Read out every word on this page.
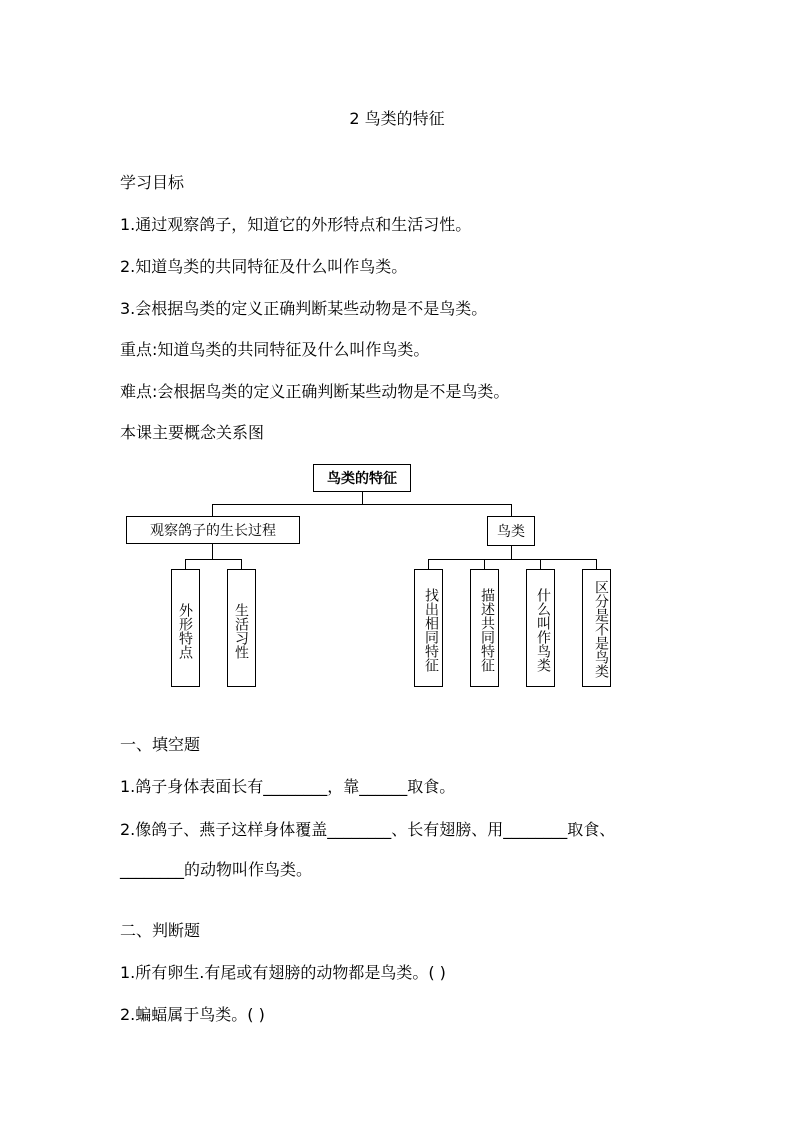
2 鸟类的特征
学习目标
1.通过观察鸽子，知道它的外形特点和生活习性。
2.知道鸟类的共同特征及什么叫作鸟类。
3.会根据鸟类的定义正确判断某些动物是不是鸟类。
重点:知道鸟类的共同特征及什么叫作鸟类。
难点:会根据鸟类的定义正确判断某些动物是不是鸟类。
本课主要概念关系图
鸟类的特征
观察鸽子的生长过程	鸟类
外形特点	生活习性	找出相同特征	描述共同特征	什么叫作鸟类	区分是不是鸟类
一、填空题
1.鸽子身体表面长有________，靠______取食。
2.像鸽子、燕子这样身体覆盖________、长有翅膀、用________取食、
________的动物叫作鸟类。
二、判断题
1.所有卵生.有尾或有翅膀的动物都是鸟类。( )
2.蝙蝠属于鸟类。( )
